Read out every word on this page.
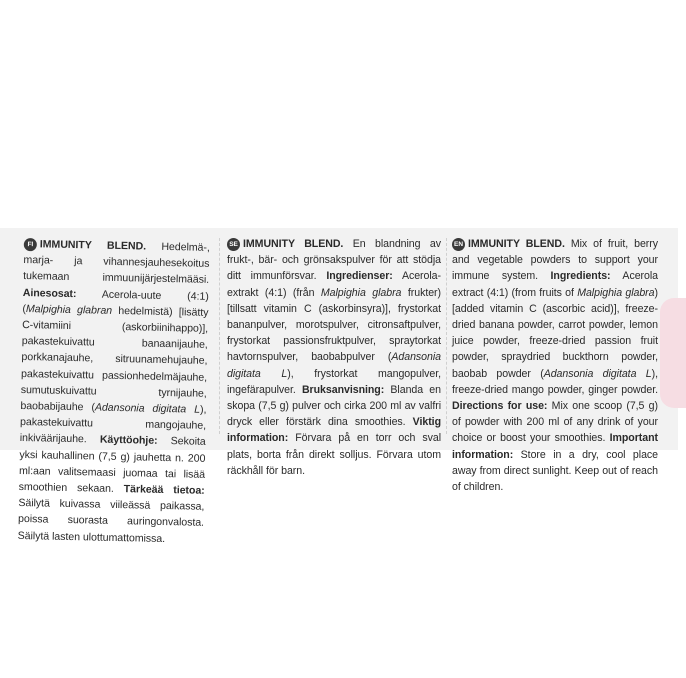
FI IMMUNITY BLEND. Hedelmä-, marja- ja vihannesjauhesekoitus tukemaan immuunijärjestelmääsi. Ainesosat: Acerola-uute (4:1) (Malpighia glabran hedelmistä) [lisätty C-vitamiini (askorbiinihappo)], pakastekuivattu banaanijauhe, porkkanajauhe, sitruunamehujauhe, pakastekuivattu passionhedelmäjauhe, sumutuskuivattu tyrnijauhe, baobabijauhe (Adansonia digitata L), pakastekuivattu mangojauhe, inkiväärijauhe. Käyttöohje: Sekoita yksi kauhallinen (7,5 g) jauhetta n. 200 ml:aan valitsemaasi juomaa tai lisää smoothien sekaan. Tärkeää tietoa: Säilytä kuivassa viileässä paikassa, poissa suorasta auringonvalosta. Säilytä lasten ulottumattomissa.
SE IMMUNITY BLEND. En blandning av frukt-, bär- och grönsakspulver för att stödja ditt immunförsvar. Ingredienser: Acerola-extrakt (4:1) (från Malpighia glabra frukter) [tillsatt vitamin C (askorbinsyra)], frystorkat bananpulver, morotspulver, citronsaftpulver, frystorkat passionsfruktpulver, spraytorkat havtornspulver, baobabpulver (Adansonia digitata L), frystorkat mangopulver, ingefärapulver. Bruksanvisning: Blanda en skopa (7,5 g) pulver och cirka 200 ml av valfri dryck eller förstärk dina smoothies. Viktig information: Förvara på en torr och sval plats, borta från direkt solljus. Förvara utom räckhåll för barn.
EN IMMUNITY BLEND. Mix of fruit, berry and vegetable powders to support your immune system. Ingredients: Acerola extract (4:1) (from fruits of Malpighia glabra) [added vitamin C (ascorbic acid)], freeze-dried banana powder, carrot powder, lemon juice powder, freeze-dried passion fruit powder, spraydried buckthorn powder, baobab powder (Adansonia digitata L), freeze-dried mango powder, ginger powder. Directions for use: Mix one scoop (7,5 g) of powder with 200 ml of any drink of your choice or boost your smoothies. Important information: Store in a dry, cool place away from direct sunlight. Keep out of reach of children.
